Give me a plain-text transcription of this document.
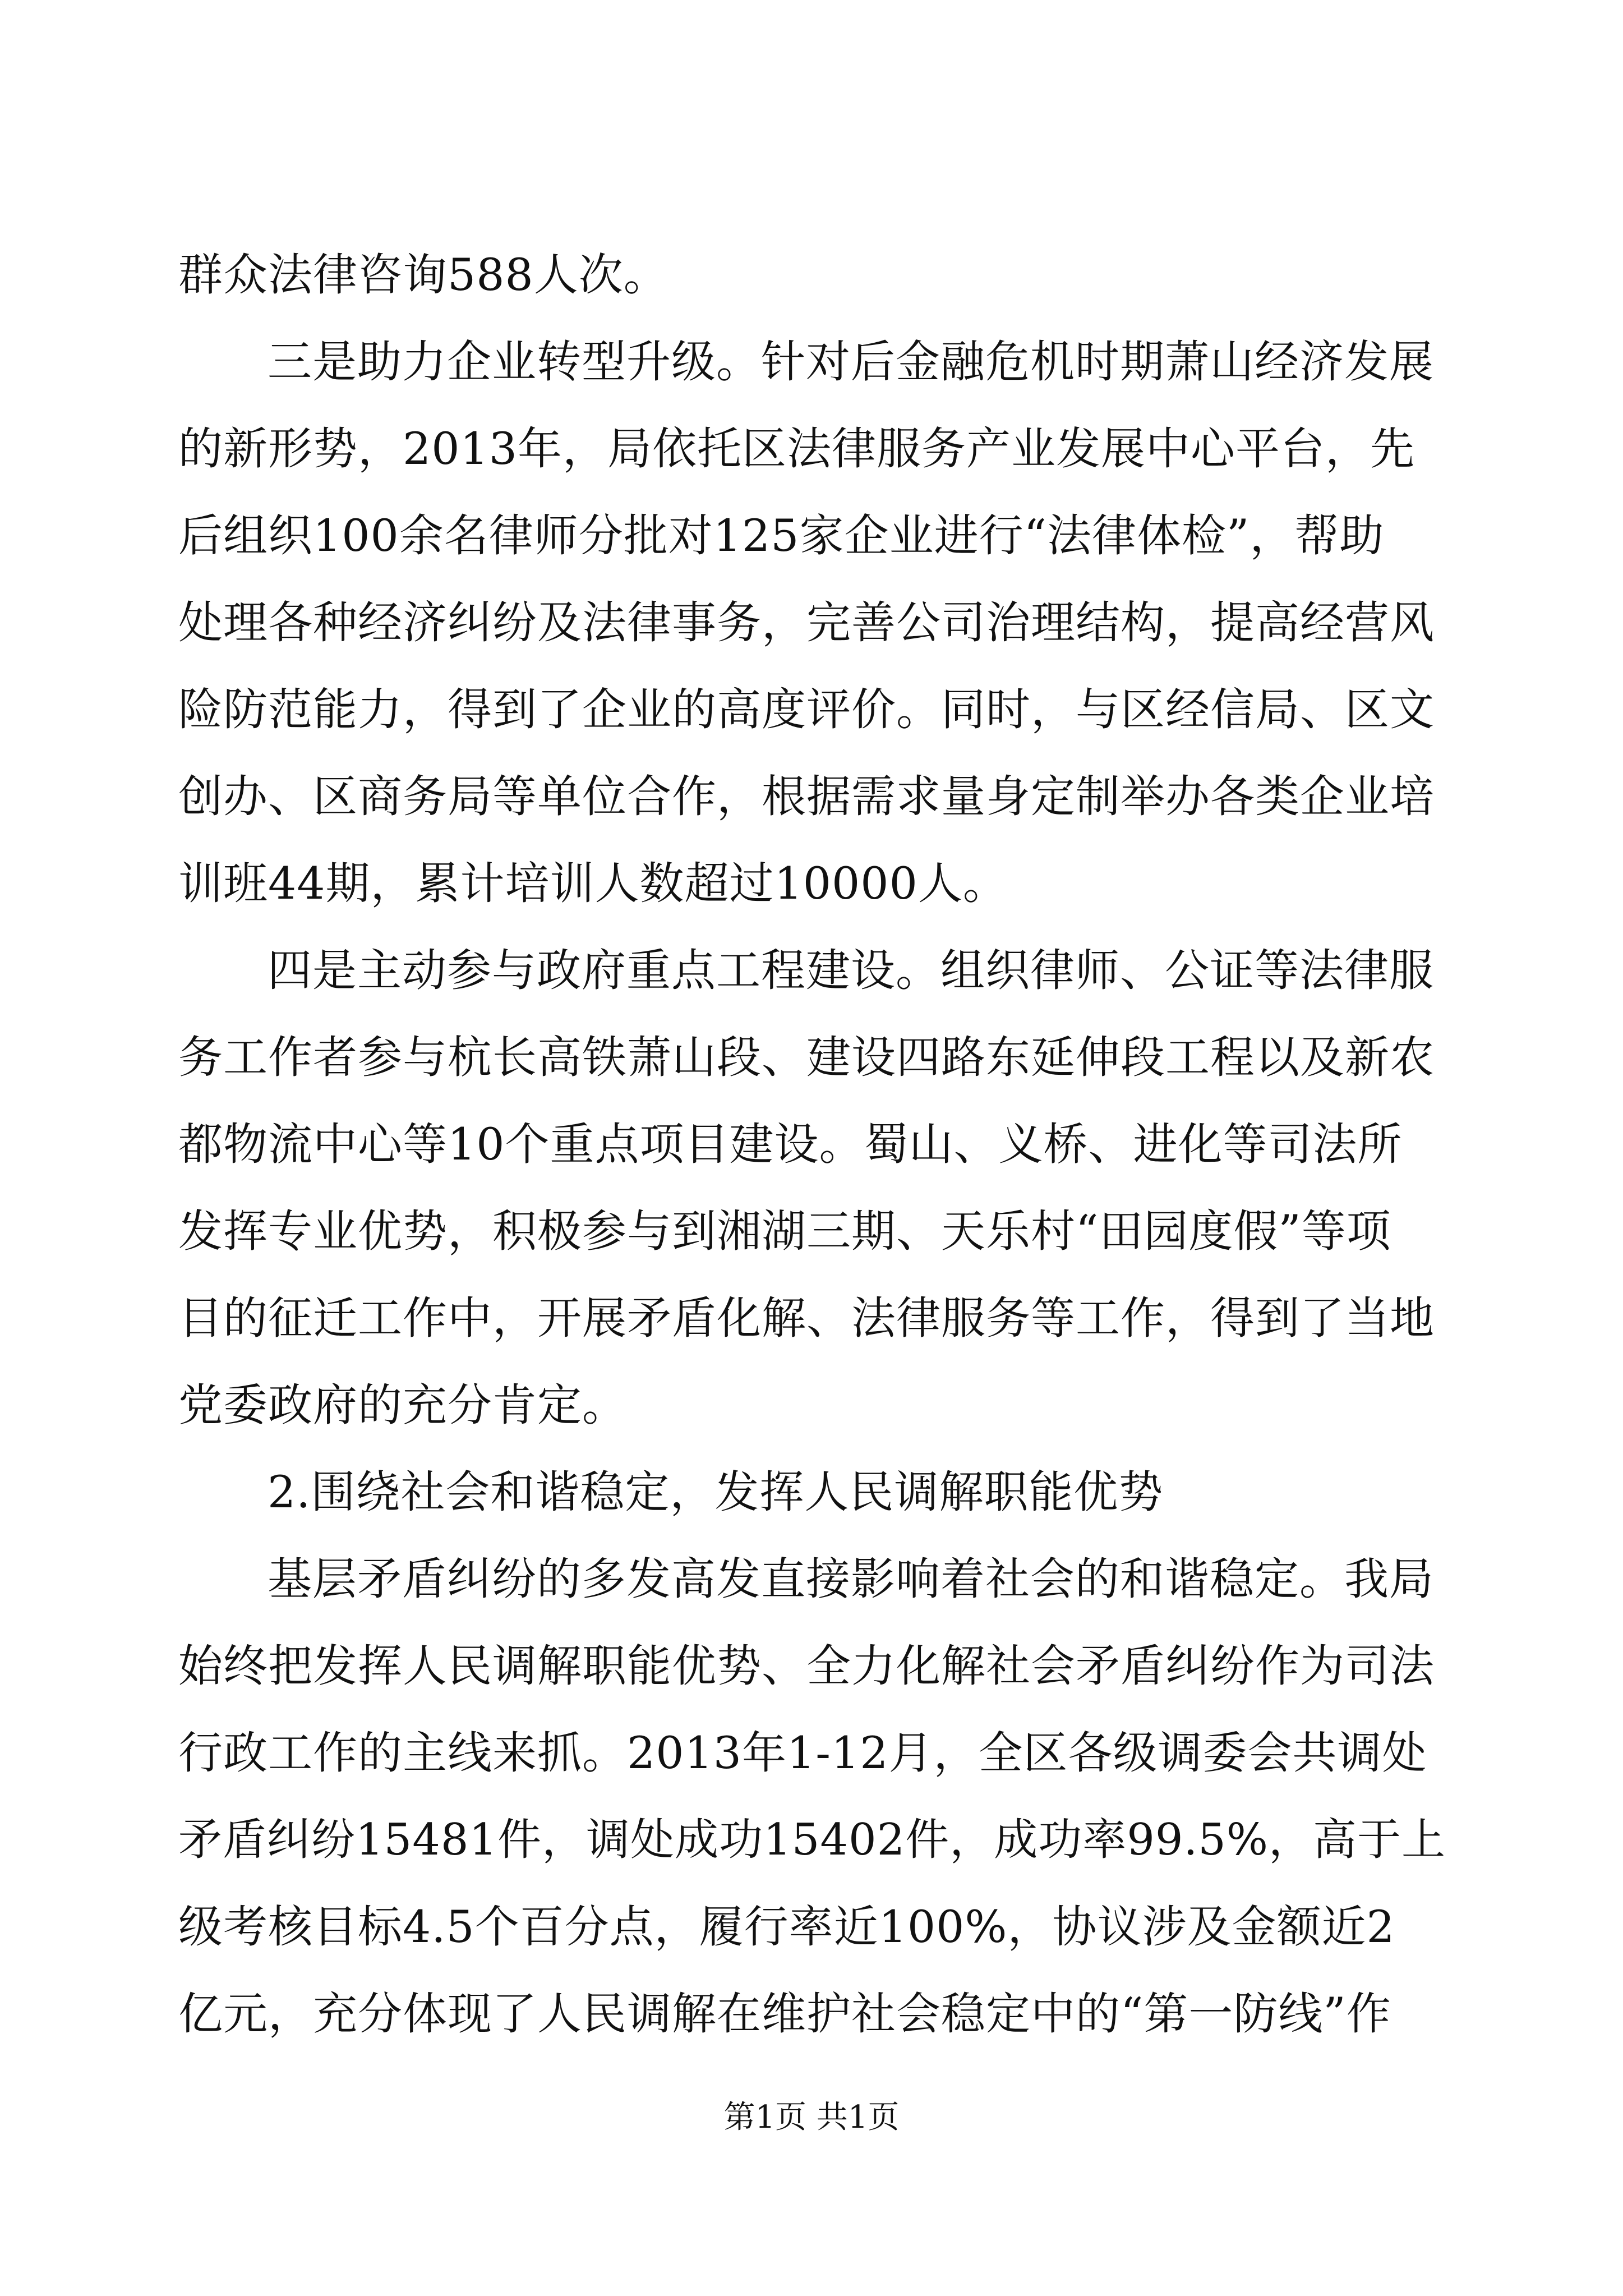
群众法律咨询588人次。
三是助力企业转型升级。针对后金融危机时期萧山经济发展
的新形势，2013年，局依托区法律服务产业发展中心平台，先
后组织100余名律师分批对125家企业进行“法律体检”，帮助
处理各种经济纠纷及法律事务，完善公司治理结构，提高经营风
险防范能力，得到了企业的高度评价。同时，与区经信局、区文
创办、区商务局等单位合作，根据需求量身定制举办各类企业培
训班44期，累计培训人数超过10000人。
四是主动参与政府重点工程建设。组织律师、公证等法律服
务工作者参与杭长高铁萧山段、建设四路东延伸段工程以及新农
都物流中心等10个重点项目建设。蜀山、义桥、进化等司法所
发挥专业优势，积极参与到湘湖三期、天乐村“田园度假”等项
目的征迁工作中，开展矛盾化解、法律服务等工作，得到了当地
党委政府的充分肯定。
2.围绕社会和谐稳定，发挥人民调解职能优势
基层矛盾纠纷的多发高发直接影响着社会的和谐稳定。我局
始终把发挥人民调解职能优势、全力化解社会矛盾纠纷作为司法
行政工作的主线来抓。2013年1-12月，全区各级调委会共调处
矛盾纠纷15481件，调处成功15402件，成功率99.5%，高于上
级考核目标4.5个百分点，履行率近100%，协议涉及金额近2
亿元，充分体现了人民调解在维护社会稳定中的“第一防线”作
第1页 共1页
